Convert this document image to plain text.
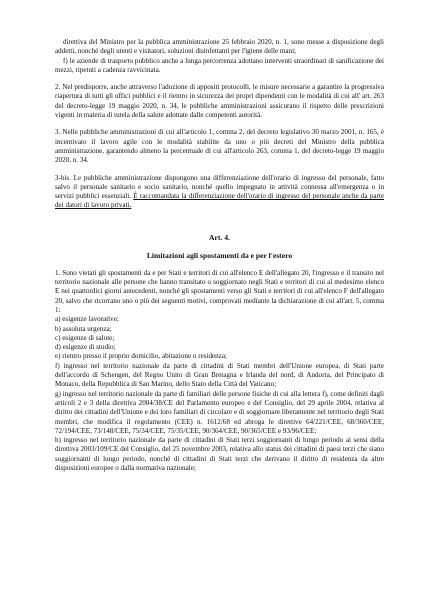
direttiva del Ministro per la pubblica amministrazione 25 febbraio 2020, n. 1, sono messe a disposizione degli addetti, nonché degli utenti e visitatori, soluzioni disinfettanti per l'igiene delle mani;

f) le aziende di trasporto pubblico anche a lunga percorrenza adottano interventi straordinari di sanificazione dei mezzi, ripetuti a cadenza ravvicinata.

2. Nel predisporre, anche attraverso l'adozione di appositi protocolli, le misure necessarie a garantire la progressiva riapertura di tutti gli uffici pubblici e il rientro in sicurezza dei propri dipendenti con le modalità di cui all' art. 263 del decreto-legge 19 maggio 2020, n. 34, le pubbliche amministrazioni assicurano il rispetto delle prescrizioni vigenti in materia di tutela della salute adottate dalle competenti autorità.

3. Nelle pubbliche amministrazioni di cui all'articolo 1, comma 2, del decreto legislativo 30 marzo 2001, n. 165, è incentivato il lavoro agile con le modalità stabilite da uno o più decreti del Ministro della pubblica amministrazione, garantendo almeno la percentuale di cui all'articolo 263, comma 1, del decreto-legge 19 maggio 2020, n. 34.

3-bis. Le pubbliche amministrazione dispongono una differenziazione dell'orario di ingresso del personale, fatto salvo il personale sanitario e socio sanitario, nonché quello impegnato in attività connessa all'emergenza o in servizi pubblici essenziali. È raccomandata la differenziazione dell'orario di ingresso del personale anche da parte dei datori di lavoro privati.

Art. 4.

Limitazioni agli spostamenti da e per l'estero

1. Sono vietati gli spostamenti da e per Stati e territori di cui all'elenco E dell'allegato 20, l'ingresso e il transito nel territorio nazionale alle persone che hanno transitato o soggiornato negli Stati e territori di cui al medesimo elenco E nei quattordici giorni antecedenti, nonché gli spostamenti verso gli Stati e territori di cui all'elenco F dell'allegato 20, salvo che ricorrano uno o più dei seguenti motivi, comprovati mediante la dichiarazione di cui all'art. 5, comma 1:

a) esigenze lavorative;
b) assoluta urgenza;
c) esigenze di salute;
d) esigenze di studio;
e) rientro presso il proprio domicilio, abitazione o residenza;
f) ingresso nel territorio nazionale da parte di cittadini di Stati membri dell'Unione europea, di Stati parte dell'accordo di Schengen, del Regno Unito di Gran Bretagna e Irlanda del nord, di Andorra, del Principato di Monaco, della Repubblica di San Marino, dello Stato della Città del Vaticano;
g) ingresso nel territorio nazionale da parte di familiari delle persone fisiche di cui alla lettera f), come definiti dagli articoli 2 e 3 della direttiva 2004/38/CE del Parlamento europeo e del Consiglio, del 29 aprile 2004, relativa al diritto dei cittadini dell'Unione e dei loro familiari di circolare e di soggiornare liberamente nel territorio degli Stati membri, che modifica il regolamento (CEE) n. 1612/68 ed abroga le direttive 64/221/CEE, 68/360/CEE, 72/194/CEE, 73/148/CEE, 75/34/CEE, 75/35/CEE, 90/364/CEE, 90/365/CEE e 93/96/CEE;
h) ingresso nel territorio nazionale da parte di cittadini di Stati terzi soggiornanti di lungo periodo ai sensi della direttiva 2003/109/CE del Consiglio, del 25 novembre 2003, relativa allo status dei cittadini di paesi terzi che siano soggiornanti di lungo periodo, nonché di cittadini di Stati terzi che derivano il diritto di residenza da altre disposizioni europee o dalla normativa nazionale;
